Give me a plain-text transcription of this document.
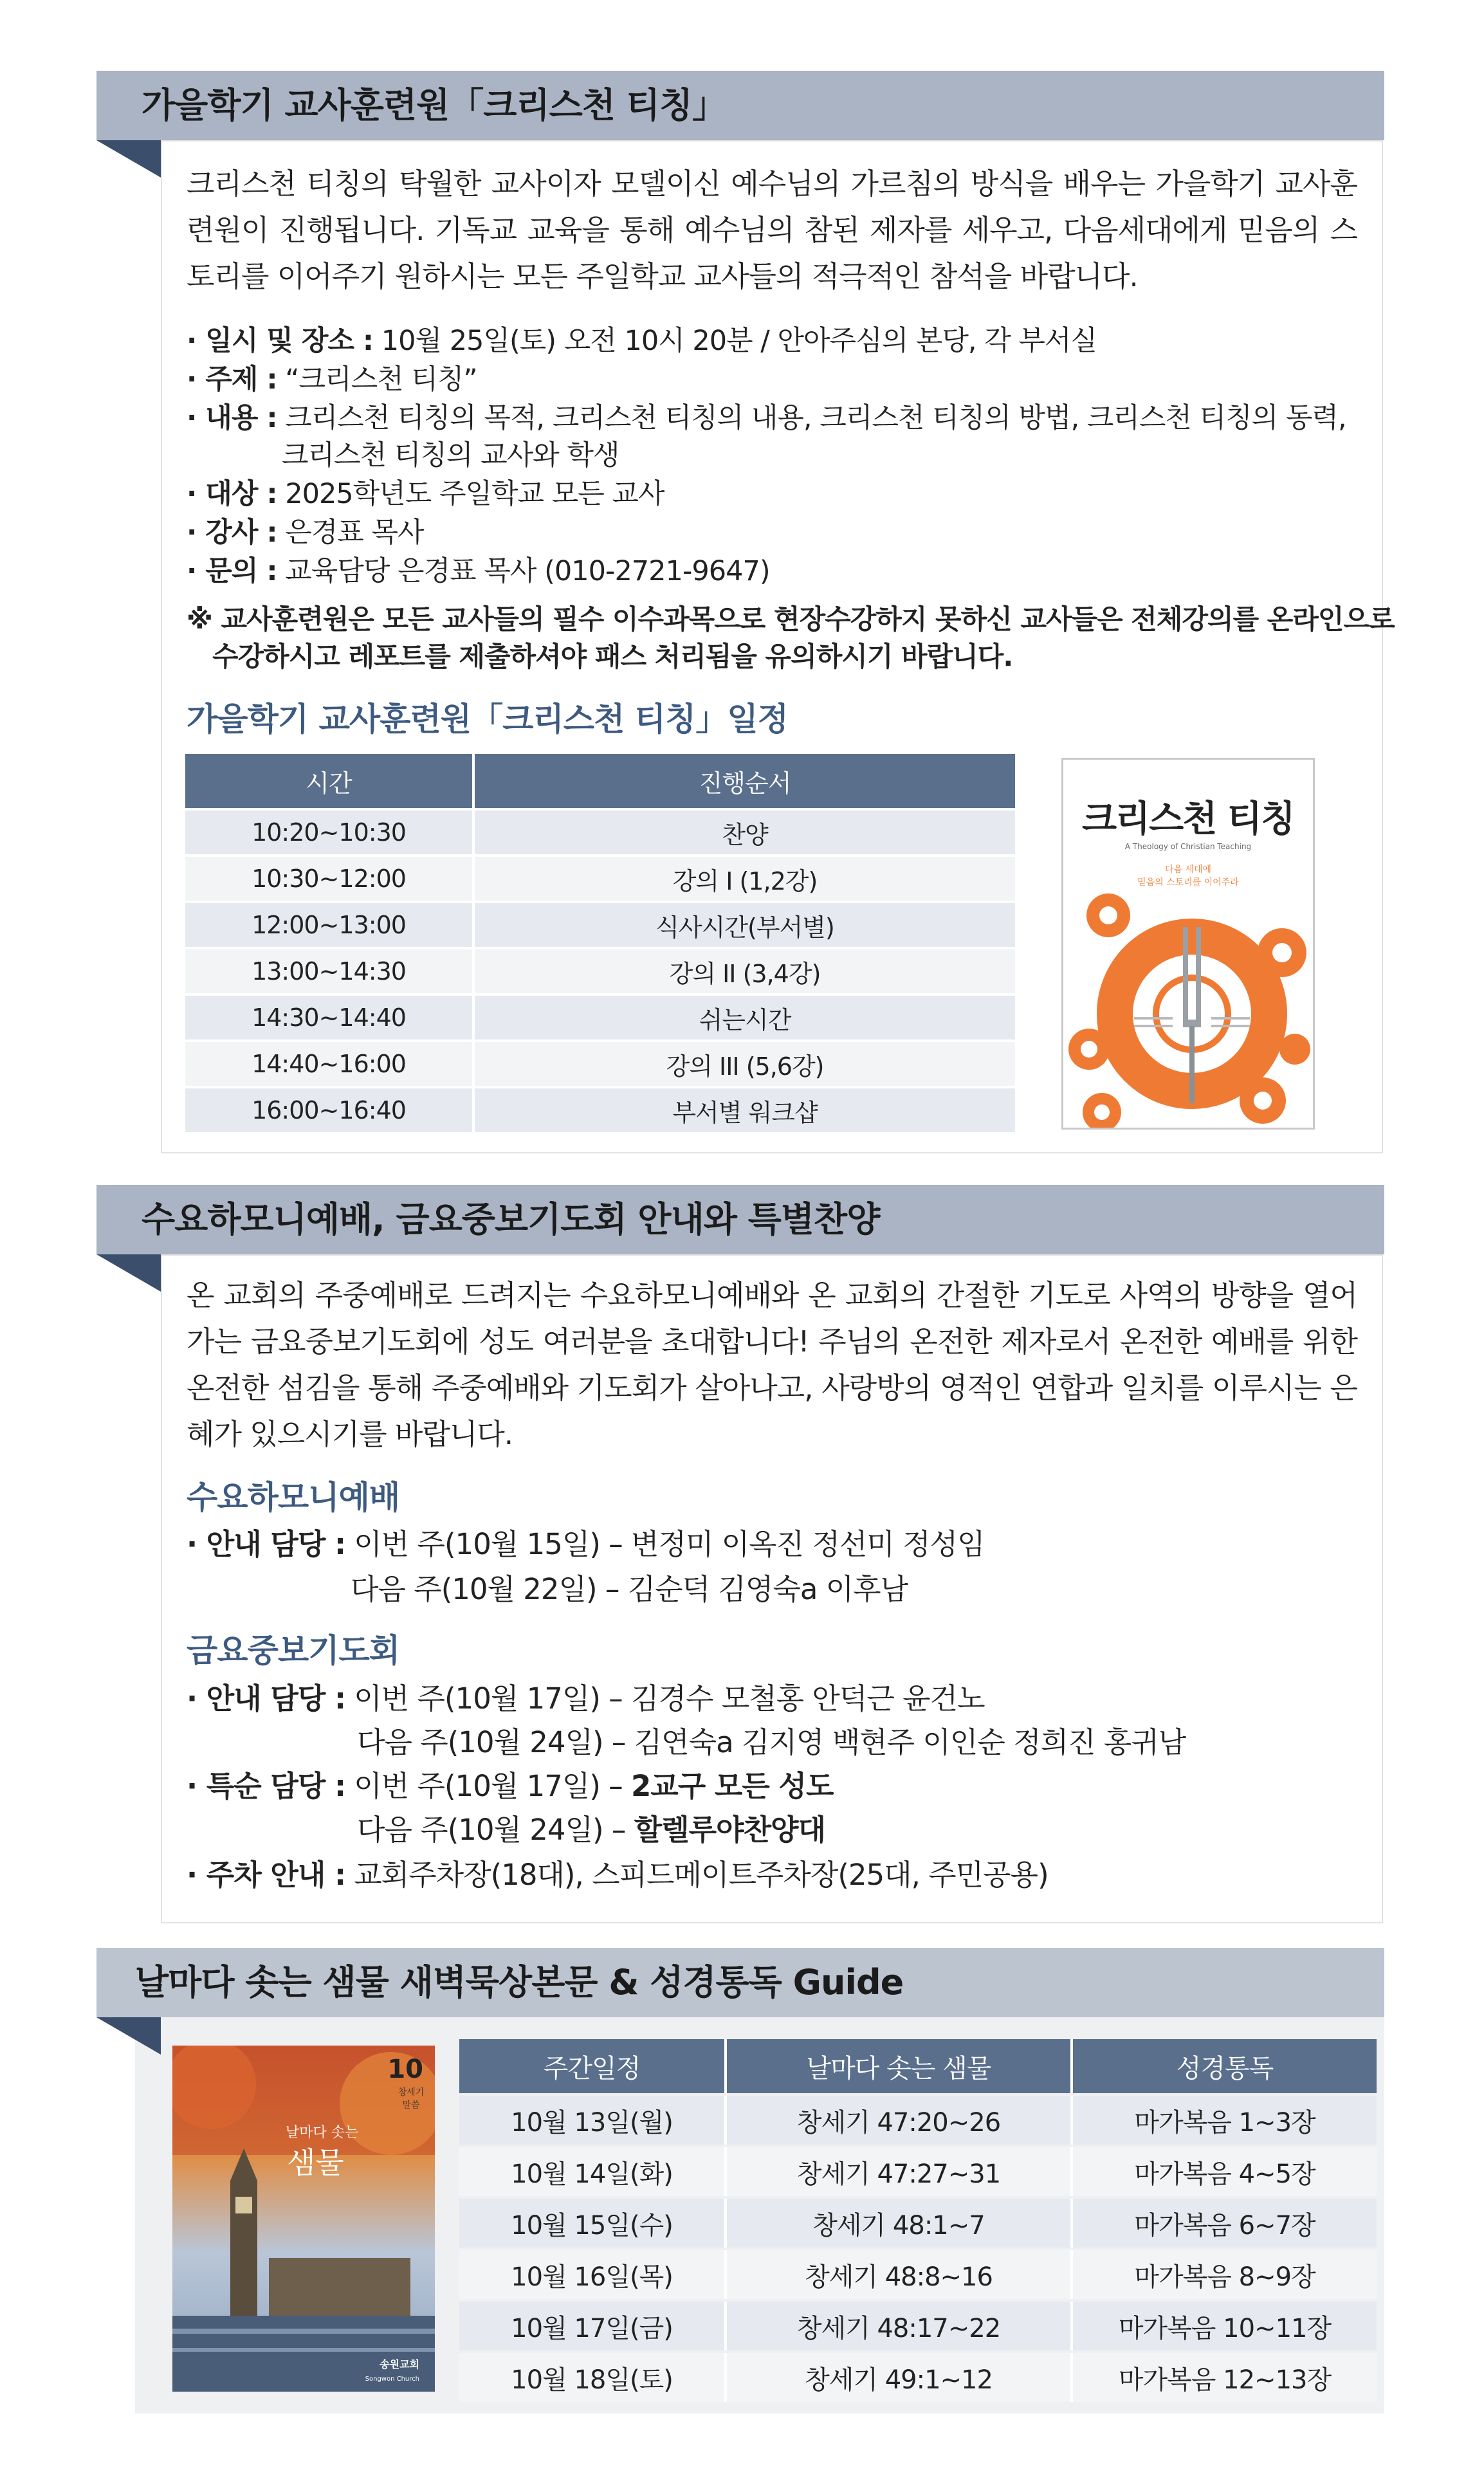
가을학기 교사훈련원「크리스천 티칭」
크리스천 티칭의 탁월한 교사이자 모델이신 예수님의 가르침의 방식을 배우는 가을학기 교사훈련원이 진행됩니다. 기독교 교육을 통해 예수님의 참된 제자를 세우고, 다음세대에게 믿음의 스토리를 이어주기 원하시는 모든 주일학교 교사들의 적극적인 참석을 바랍니다.
· 일시 및 장소 : 10월 25일(토) 오전 10시 20분 / 안아주심의 본당, 각 부서실
· 주제 : “크리스천 티칭”
· 내용 : 크리스천 티칭의 목적, 크리스천 티칭의 내용, 크리스천 티칭의 방법, 크리스천 티칭의 동력,
크리스천 티칭의 교사와 학생
· 대상 : 2025학년도 주일학교 모든 교사
· 강사 : 은경표 목사
· 문의 : 교육담당 은경표 목사 (010-2721-9647)
※ 교사훈련원은 모든 교사들의 필수 이수과목으로 현장수강하지 못하신 교사들은 전체강의를 온라인으로
수강하시고 레포트를 제출하셔야 패스 처리됨을 유의하시기 바랍니다.
가을학기 교사훈련원「크리스천 티칭」일정
시간	진행순서
10:20~10:30	찬양
10:30~12:00	강의 I (1,2강)
12:00~13:00	식사시간(부서별)
13:00~14:30	강의 II (3,4강)
14:30~14:40	쉬는시간
14:40~16:00	강의 III (5,6강)
16:00~16:40	부서별 워크샵
크리스천 티칭
A Theology of Christian Teaching
다음 세대에
믿음의 스토리를 이어주라
수요하모니예배, 금요중보기도회 안내와 특별찬양
온 교회의 주중예배로 드려지는 수요하모니예배와 온 교회의 간절한 기도로 사역의 방향을 열어가는 금요중보기도회에 성도 여러분을 초대합니다! 주님의 온전한 제자로서 온전한 예배를 위한 온전한 섬김을 통해 주중예배와 기도회가 살아나고, 사랑방의 영적인 연합과 일치를 이루시는 은혜가 있으시기를 바랍니다.
수요하모니예배
· 안내 담당 : 이번 주(10월 15일) – 변정미 이옥진 정선미 정성임
다음 주(10월 22일) – 김순덕 김영숙a 이후남
금요중보기도회
· 안내 담당 : 이번 주(10월 17일) – 김경수 모철홍 안덕근 윤건노
다음 주(10월 24일) – 김연숙a 김지영 백현주 이인순 정희진 홍귀남
· 특순 담당 : 이번 주(10월 17일) – 2교구 모든 성도
다음 주(10월 24일) – 할렐루야찬양대
· 주차 안내 : 교회주차장(18대), 스피드메이트주차장(25대, 주민공용)
날마다 솟는 샘물 새벽묵상본문 & 성경통독 Guide
10
창세기 말씀
날마다 솟는
샘물
송원교회
Songwon Church
주간일정	날마다 솟는 샘물	성경통독
10월 13일(월)	창세기 47:20~26	마가복음 1~3장
10월 14일(화)	창세기 47:27~31	마가복음 4~5장
10월 15일(수)	창세기 48:1~7	마가복음 6~7장
10월 16일(목)	창세기 48:8~16	마가복음 8~9장
10월 17일(금)	창세기 48:17~22	마가복음 10~11장
10월 18일(토)	창세기 49:1~12	마가복음 12~13장
